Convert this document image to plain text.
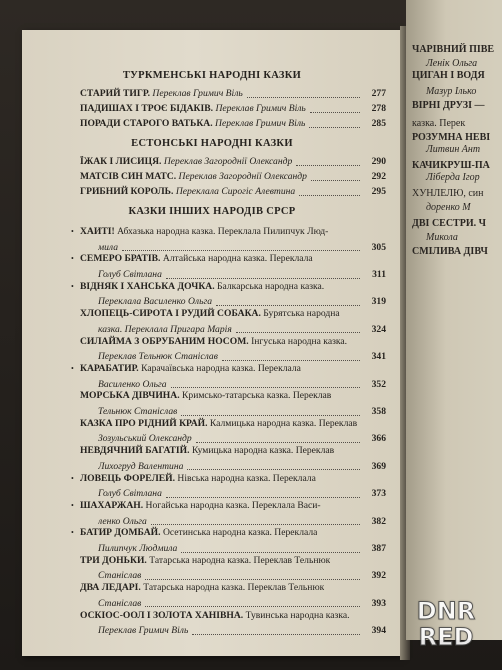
ТУРКМЕНСЬКІ НАРОДНІ КАЗКИ
СТАРИЙ ТИГР. Переклав Гримич Віль	277
ПАДИШАХ І ТРОЄ БІДАКІВ. Переклав Гримич Віль	278
ПОРАДИ СТАРОГО ВАТЬКА. Переклав Гримич Віль	285
ЕСТОНСЬКІ НАРОДНІ КАЗКИ
ЇЖАК І ЛИСИЦЯ. Переклав Загороднії Олександр	290
МАТСІВ СИН МАТС. Переклав Загороднії Олександр	292
ГРИБНИЙ КОРОЛЬ. Переклала Сирогіс Алевтина	295
КАЗКИ ІНШИХ НАРОДІВ СРСР
• ХАИТІ! Абхазька народна казка. Переклала Пилипчук Люд-
мила	305
• СЕМЕРО БРАТІВ. Алтайська народна казка. Переклала
Голуб Світлана	311
• ВІДНЯК І ХАНСЬКА ДОЧКА. Балкарська народна казка.
Переклала Василенко Ольга	319
ХЛОПЕЦЬ-СИРОТА І РУДИЙ СОБАКА. Бурятська народна
казка. Переклала Пригара Марія	324
СИЛАЙМА З ОБРУБАНИМ НОСОМ. Інгуська народна казка.
Переклав Тельнюк Станіслав	341
• КАРАБАТИР. Карачаївська народна казка. Переклала
Василенко Ольга	352
МОРСЬКА ДІВЧИНА. Кримсько-татарська казка. Переклав
Тельнюк Станіслав	358
КАЗКА ПРО РІДНИЙ КРАЙ. Калмицька народна казка. Переклав
Зозульський Олександр	366
НЕВДЯЧНИЙ БАГАТІЙ. Кумицька народна казка. Переклав
Лихогруд Валентина	369
• ЛОВЕЦЬ ФОРЕЛЕЙ. Нівська народна казка. Переклала
Голуб Світлана	373
• ШАХАРЖАН. Ногайська народна казка. Переклала Васи-
ленко Ольга	382
• БАТИР ДОМБАЙ. Осетинська народна казка. Переклала
Пилипчук Людмила	387
ТРИ ДОНЬКИ. Татарська народна казка. Переклав Тельнюк
Станіслав	392
ДВА ЛЕДАРІ. Татарська народна казка. Переклав Тельнюк
Станіслав	393
ОСКІОС-ООЛ І ЗОЛОТА ХАНІВНА. Тувинська народна казка.
Переклав Гримич Віль	394
ЧАРІВНИЙ ПІВЕ
Ленік Ольга
ЦИГАН І ВОДЯ
Мазур Ілько
ВІРНІ ДРУЗІ —
казка. Перек
РОЗУМНА НЕВІ
Литвин Ант
КАЧИКРУШ-ПА
Ліберда Ігор
ХУНЛЕЛЮ, син
доренко М
ДВІ СЕСТРИ. Ч
Микола
СМІЛИВА ДІВЧ
DNR
RED
